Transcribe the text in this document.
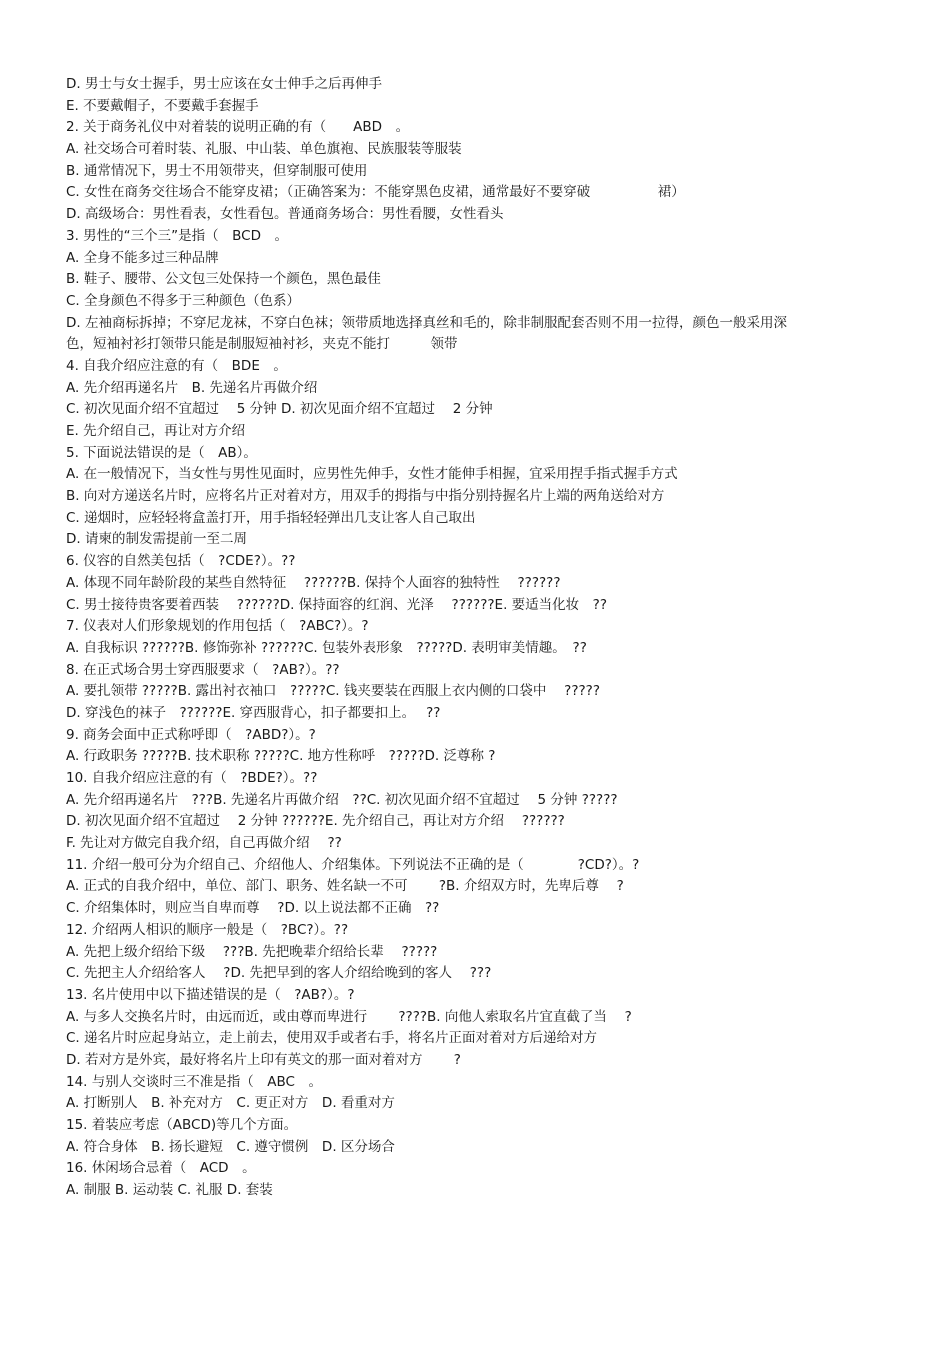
D. 男士与女士握手，男士应该在女士伸手之后再伸手
E. 不要戴帽子，不要戴手套握手
2. 关于商务礼仪中对着装的说明正确的有（　　ABD　。
A. 社交场合可着时装、礼服、中山装、单色旗袍、民族服装等服装
B. 通常情况下，男士不用领带夹，但穿制服可使用
C. 女性在商务交往场合不能穿皮裙；（正确答案为：不能穿黑色皮裙，通常最好不要穿破　　　　　裙）
D. 高级场合：男性看表，女性看包。普通商务场合：男性看腰，女性看头
3. 男性的“三个三”是指（　BCD　。
A. 全身不能多过三种品牌
B. 鞋子、腰带、公文包三处保持一个颜色，黑色最佳
C. 全身颜色不得多于三种颜色（色系）
D. 左袖商标拆掉；不穿尼龙袜，不穿白色袜；领带质地选择真丝和毛的，除非制服配套否则不用一拉得，颜色一般采用深色，短袖衬衫打领带只能是制服短袖衬衫，夹克不能打　　　领带
4. 自我介绍应注意的有（　BDE　。
A. 先介绍再递名片　B. 先递名片再做介绍
C. 初次见面介绍不宜超过　 5 分钟 D. 初次见面介绍不宜超过　 2 分钟
E. 先介绍自己，再让对方介绍
5. 下面说法错误的是（　AB）。
A. 在一般情况下，当女性与男性见面时，应男性先伸手，女性才能伸手相握，宜采用捏手指式握手方式
B. 向对方递送名片时，应将名片正对着对方，用双手的拇指与中指分别持握名片上端的两角送给对方
C. 递烟时，应轻轻将盒盖打开，用手指轻轻弹出几支让客人自己取出
D. 请柬的制发需提前一至二周
6. 仪容的自然美包括（　?CDE?）。??
A. 体现不同年龄阶段的某些自然特征　 ??????B. 保持个人面容的独特性　 ??????
C. 男士接待贵客要着西装　 ??????D. 保持面容的红润、光泽　 ??????E. 要适当化妆　??
7. 仪表对人们形象规划的作用包括（　?ABC?）。?
A. 自我标识 ??????B. 修饰弥补 ??????C. 包装外表形象　?????D. 表明审美情趣。　??
8. 在正式场合男士穿西服要求（　?AB?）。??
A. 要扎领带 ?????B. 露出衬衣袖口　?????C. 钱夹要装在西服上衣内侧的口袋中　 ?????
D. 穿浅色的袜子　??????E. 穿西服背心，扣子都要扣上。　 ??
9. 商务会面中正式称呼即（　?ABD?）。?
A. 行政职务 ?????B. 技术职称 ?????C. 地方性称呼　?????D. 泛尊称 ?
10. 自我介绍应注意的有（　?BDE?）。??
A. 先介绍再递名片　???B. 先递名片再做介绍　??C. 初次见面介绍不宜超过　 5 分钟 ?????
D. 初次见面介绍不宜超过　 2 分钟 ??????E. 先介绍自己，再让对方介绍　 ??????
F. 先让对方做完自我介绍，自己再做介绍　 ??
11. 介绍一般可分为介绍自己、介绍他人、介绍集体。下列说法不正确的是（　　　　?CD?）。?
A. 正式的自我介绍中，单位、部门、职务、姓名缺一不可　　 ?B. 介绍双方时，先卑后尊　 ?
C. 介绍集体时，则应当自卑而尊　 ?D. 以上说法都不正确　??
12. 介绍两人相识的顺序一般是（　?BC?）。??
A. 先把上级介绍给下级　 ???B. 先把晚辈介绍给长辈　 ?????
C. 先把主人介绍给客人　 ?D. 先把早到的客人介绍给晚到的客人　 ???
13. 名片使用中以下描述错误的是（　?AB?）。?
A. 与多人交换名片时，由远而近，或由尊而卑进行　　 ????B. 向他人索取名片宜直截了当　 ?
C. 递名片时应起身站立，走上前去，使用双手或者右手，将名片正面对着对方后递给对方
D. 若对方是外宾，最好将名片上印有英文的那一面对着对方　　 ?
14. 与别人交谈时三不准是指（　ABC　。
A. 打断别人　B. 补充对方　C. 更正对方　D. 看重对方
15. 着装应考虑（ABCD)等几个方面。
A. 符合身体　B. 扬长避短　C. 遵守惯例　D. 区分场合
16. 休闲场合忌着（　ACD　。
A. 制服 B. 运动装 C. 礼服 D. 套装
